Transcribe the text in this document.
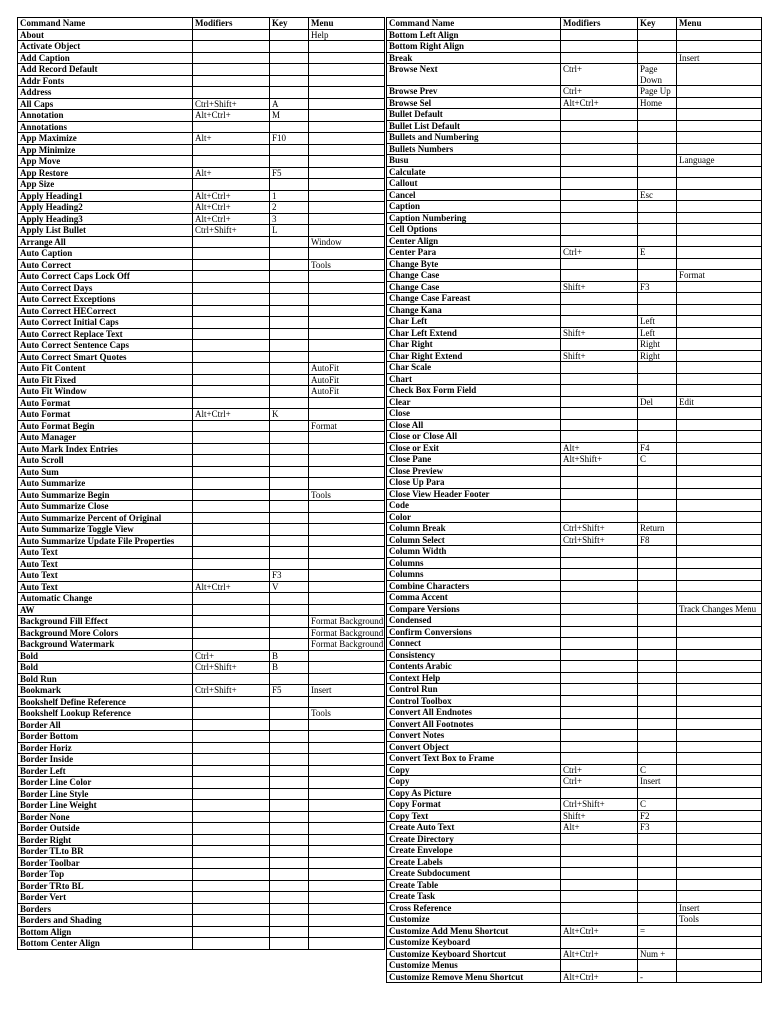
Command Name	Modifiers	Key	Menu
About			Help
Activate Object			
Add Caption			
Add Record Default			
Addr Fonts			
Address			
All Caps	Ctrl+Shift+	A	
Annotation	Alt+Ctrl+	M	
Annotations			
App Maximize	Alt+	F10	
App Minimize			
App Move			
App Restore	Alt+	F5	
App Size			
Apply Heading1	Alt+Ctrl+	1	
Apply Heading2	Alt+Ctrl+	2	
Apply Heading3	Alt+Ctrl+	3	
Apply List Bullet	Ctrl+Shift+	L	
Arrange All			Window
Auto Caption			
Auto Correct			Tools
Auto Correct Caps Lock Off			
Auto Correct Days			
Auto Correct Exceptions			
Auto Correct HECorrect			
Auto Correct Initial Caps			
Auto Correct Replace Text			
Auto Correct Sentence Caps			
Auto Correct Smart Quotes			
Auto Fit Content			AutoFit
Auto Fit Fixed			AutoFit
Auto Fit Window			AutoFit
Auto Format			
Auto Format	Alt+Ctrl+	K	
Auto Format Begin			Format
Auto Manager			
Auto Mark Index Entries			
Auto Scroll			
Auto Sum			
Auto Summarize			
Auto Summarize Begin			Tools
Auto Summarize Close			
Auto Summarize Percent of Original			
Auto Summarize Toggle View			
Auto Summarize Update File Properties			
Auto Text			
Auto Text			
Auto Text		F3	
Auto Text	Alt+Ctrl+	V	
Automatic Change			
AW			
Background Fill Effect			Format Background
Background More Colors			Format Background
Background Watermark			Format Background
Bold	Ctrl+	B	
Bold	Ctrl+Shift+	B	
Bold Run			
Bookmark	Ctrl+Shift+	F5	Insert
Bookshelf Define Reference			
Bookshelf Lookup Reference			Tools
Border All			
Border Bottom			
Border Horiz			
Border Inside			
Border Left			
Border Line Color			
Border Line Style			
Border Line Weight			
Border None			
Border Outside			
Border Right			
Border TLto BR			
Border Toolbar			
Border Top			
Border TRto BL			
Border Vert			
Borders			
Borders and Shading			
Bottom Align			
Bottom Center Align			
Command Name	Modifiers	Key	Menu
Bottom Left Align			
Bottom Right Align			
Break			Insert
Browse Next	Ctrl+	Page Down	
Browse Prev	Ctrl+	Page Up	
Browse Sel	Alt+Ctrl+	Home	
Bullet Default			
Bullet List Default			
Bullets and Numbering			
Bullets Numbers			
Busu			Language
Calculate			
Callout			
Cancel		Esc	
Caption			
Caption Numbering			
Cell Options			
Center Align			
Center Para	Ctrl+	E	
Change Byte			
Change Case			Format
Change Case	Shift+	F3	
Change Case Fareast			
Change Kana			
Char Left		Left	
Char Left Extend	Shift+	Left	
Char Right		Right	
Char Right Extend	Shift+	Right	
Char Scale			
Chart			
Check Box Form Field			
Clear		Del	Edit
Close			
Close All			
Close or Close All			
Close or Exit	Alt+	F4	
Close Pane	Alt+Shift+	C	
Close Preview			
Close Up Para			
Close View Header Footer			
Code			
Color			
Column Break	Ctrl+Shift+	Return	
Column Select	Ctrl+Shift+	F8	
Column Width			
Columns			
Columns			
Combine Characters			
Comma Accent			
Compare Versions			Track Changes Menu
Condensed			
Confirm Conversions			
Connect			
Consistency			
Contents Arabic			
Context Help			
Control Run			
Control Toolbox			
Convert All Endnotes			
Convert All Footnotes			
Convert Notes			
Convert Object			
Convert Text Box to Frame			
Copy	Ctrl+	C	
Copy	Ctrl+	Insert	
Copy As Picture			
Copy Format	Ctrl+Shift+	C	
Copy Text	Shift+	F2	
Create Auto Text	Alt+	F3	
Create Directory			
Create Envelope			
Create Labels			
Create Subdocument			
Create Table			
Create Task			
Cross Reference			Insert
Customize			Tools
Customize Add Menu Shortcut	Alt+Ctrl+	=	
Customize Keyboard			
Customize Keyboard Shortcut	Alt+Ctrl+	Num +	
Customize Menus			
Customize Remove Menu Shortcut	Alt+Ctrl+	-	
